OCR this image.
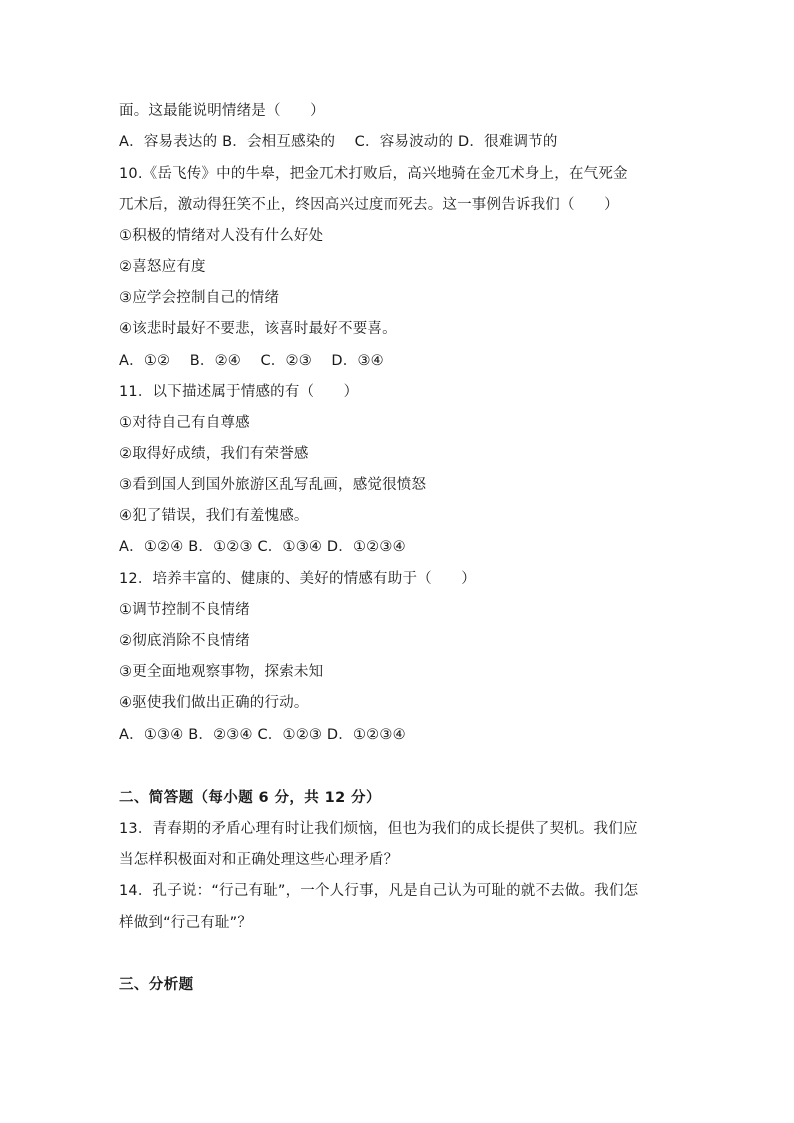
面。这最能说明情绪是（　　）
A．容易表达的 B．会相互感染的　 C．容易波动的 D．很难调节的
10.《岳飞传》中的牛皋，把金兀术打败后，高兴地骑在金兀术身上，在气死金
兀术后，激动得狂笑不止，终因高兴过度而死去。这一事例告诉我们（　　）
①积极的情绪对人没有什么好处
②喜怒应有度
③应学会控制自己的情绪
④该悲时最好不要悲，该喜时最好不要喜。
A．①②　 B．②④　 C．②③　 D．③④
11．以下描述属于情感的有（　　）
①对待自己有自尊感
②取得好成绩，我们有荣誉感
③看到国人到国外旅游区乱写乱画，感觉很愤怒
④犯了错误，我们有羞愧感。
A．①②④ B．①②③ C．①③④ D．①②③④
12．培养丰富的、健康的、美好的情感有助于（　　）
①调节控制不良情绪
②彻底消除不良情绪
③更全面地观察事物，探索未知
④驱使我们做出正确的行动。
A．①③④ B．②③④ C．①②③ D．①②③④
二、简答题（每小题 6 分，共 12 分）
13．青春期的矛盾心理有时让我们烦恼，但也为我们的成长提供了契机。我们应
当怎样积极面对和正确处理这些心理矛盾？
14．孔子说：“行己有耻”，一个人行事，凡是自己认为可耻的就不去做。我们怎
样做到“行己有耻”？
三、分析题
